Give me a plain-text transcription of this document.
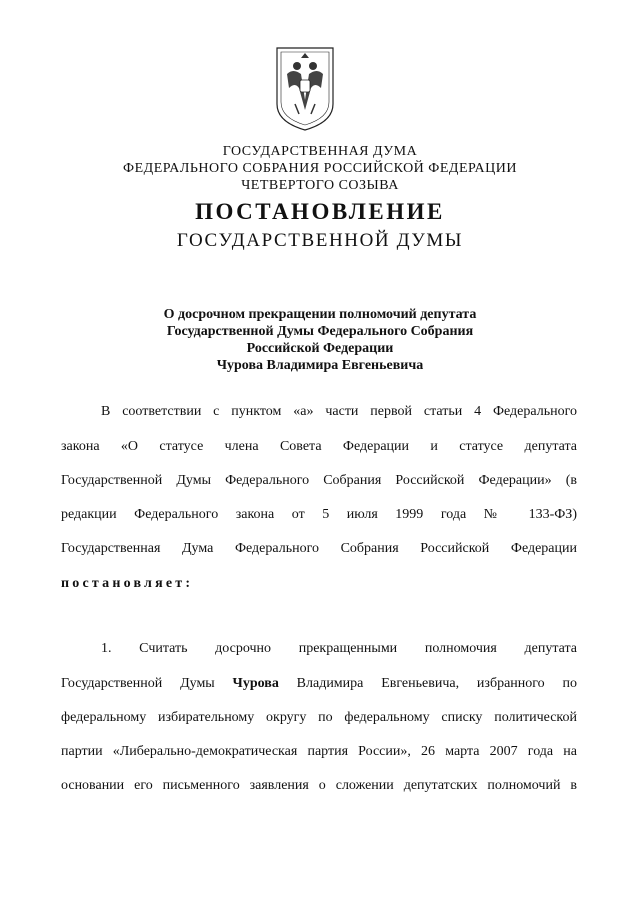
ГОСУДАРСТВЕННАЯ ДУМА
ФЕДЕРАЛЬНОГО СОБРАНИЯ РОССИЙСКОЙ ФЕДЕРАЦИИ
ЧЕТВЕРТОГО СОЗЫВА
ПОСТАНОВЛЕНИЕ
ГОСУДАРСТВЕННОЙ ДУМЫ
О досрочном прекращении полномочий депутата
Государственной Думы Федерального Собрания
Российской Федерации
Чурова Владимира Евгеньевича
В соответствии с пунктом «а» части первой статьи 4 Федерального
закона «О статусе члена Совета Федерации и статусе депутата
Государственной Думы Федерального Собрания Российской Федерации» (в
редакции Федерального закона от 5 июля 1999 года № 133-ФЗ)
Государственная Дума Федерального Собрания Российской Федерации
постановляет:
1. Считать досрочно прекращенными полномочия депутата
Государственной Думы Чурова Владимира Евгеньевича, избранного по
федеральному избирательному округу по федеральному списку политической
партии «Либерально-демократическая партия России», 26 марта 2007 года на
основании его письменного заявления о сложении депутатских полномочий в
